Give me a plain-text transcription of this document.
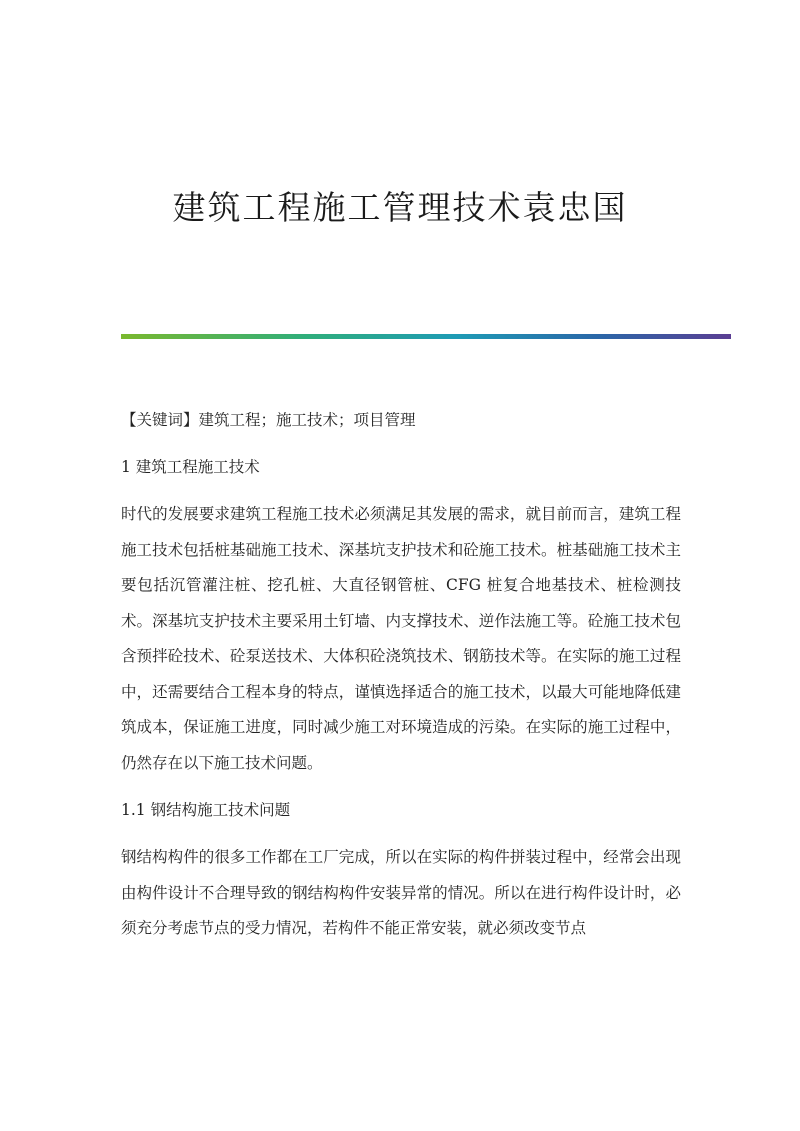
建筑工程施工管理技术袁忠国

【关键词】建筑工程；施工技术；项目管理

1 建筑工程施工技术

时代的发展要求建筑工程施工技术必须满足其发展的需求，就目前而言，建筑工程施工技术包括桩基础施工技术、深基坑支护技术和砼施工技术。桩基础施工技术主要包括沉管灌注桩、挖孔桩、大直径钢管桩、CFG 桩复合地基技术、桩检测技术。深基坑支护技术主要采用土钉墙、内支撑技术、逆作法施工等。砼施工技术包含预拌砼技术、砼泵送技术、大体积砼浇筑技术、钢筋技术等。在实际的施工过程中，还需要结合工程本身的特点，谨慎选择适合的施工技术，以最大可能地降低建筑成本，保证施工进度，同时减少施工对环境造成的污染。在实际的施工过程中，仍然存在以下施工技术问题。

1.1 钢结构施工技术问题

钢结构构件的很多工作都在工厂完成，所以在实际的构件拼装过程中，经常会出现由构件设计不合理导致的钢结构构件安装异常的情况。所以在进行构件设计时，必须充分考虑节点的受力情况，若构件不能正常安装，就必须改变节点
